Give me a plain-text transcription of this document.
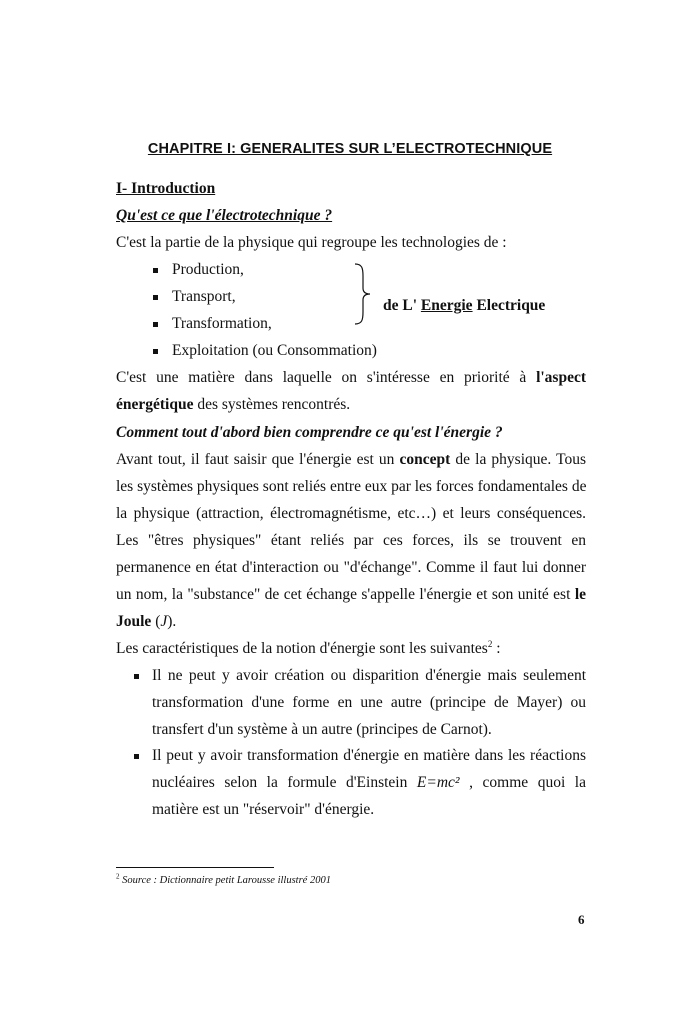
CHAPITRE I: GENERALITES SUR L’ELECTROTECHNIQUE
I- Introduction
Qu'est ce que l'électrotechnique ?
C'est la partie de la physique qui regroupe les technologies de :
Production,
Transport,
Transformation,
Exploitation (ou Consommation)
de L' Energie Electrique
C'est une matière dans laquelle on s'intéresse en priorité à l'aspect
énergétique des systèmes rencontrés.
Comment tout d'abord bien comprendre ce qu'est l'énergie ?
Avant tout, il faut saisir que l'énergie est un concept de la physique. Tous
les systèmes physiques sont reliés entre eux par les forces fondamentales de
la physique (attraction, électromagnétisme, etc…) et leurs conséquences.
Les "êtres physiques" étant reliés par ces forces, ils se trouvent en
permanence en état d'interaction ou "d'échange". Comme il faut lui donner
un nom, la "substance" de cet échange s'appelle l'énergie et son unité est le
Joule (J).
Les caractéristiques de la notion d'énergie sont les suivantes$^2$ :
Il ne peut y avoir création ou disparition d'énergie mais seulement
transformation d'une forme en une autre (principe de Mayer) ou
transfert d'un système à un autre (principes de Carnot).
Il peut y avoir transformation d'énergie en matière dans les réactions
nucléaires selon la formule d'Einstein E=mc² , comme quoi la
matière est un "réservoir" d'énergie.
$^2$ Source : Dictionnaire petit Larousse illustré 2001
6
